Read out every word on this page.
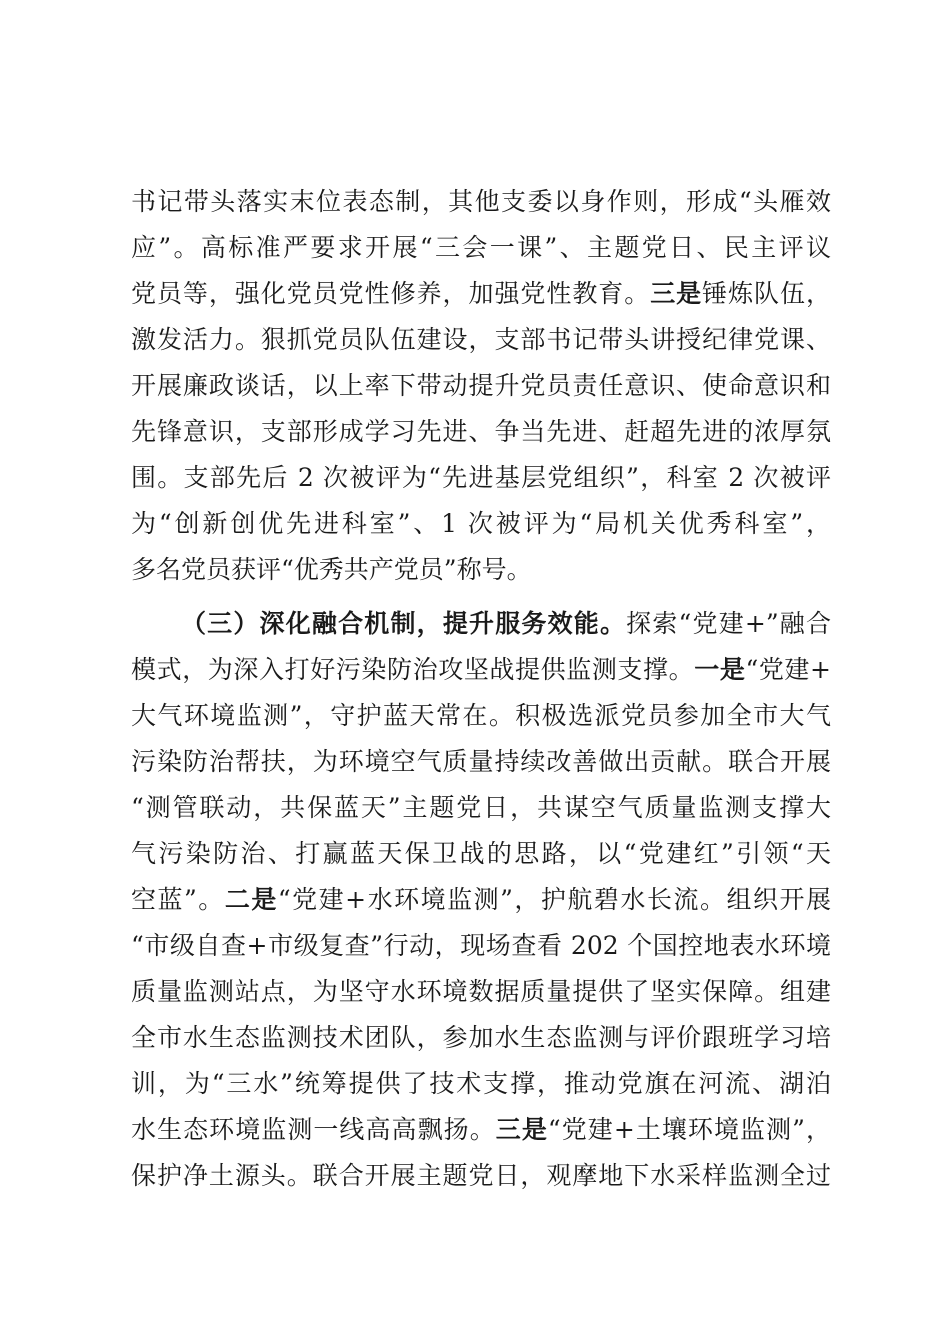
书记带头落实末位表态制，其他支委以身作则，形成“头雁效
应”。高标准严要求开展“三会一课”、主题党日、民主评议
党员等，强化党员党性修养，加强党性教育。三是锤炼队伍，
激发活力。狠抓党员队伍建设，支部书记带头讲授纪律党课、
开展廉政谈话，以上率下带动提升党员责任意识、使命意识和
先锋意识，支部形成学习先进、争当先进、赶超先进的浓厚氛
围。支部先后 2 次被评为“先进基层党组织”，科室 2 次被评
为“创新创优先进科室”、1 次被评为“局机关优秀科室”，
多名党员获评“优秀共产党员”称号。
（三）深化融合机制，提升服务效能。探索“党建+”融合
模式，为深入打好污染防治攻坚战提供监测支撑。一是“党建+
大气环境监测”，守护蓝天常在。积极选派党员参加全市大气
污染防治帮扶，为环境空气质量持续改善做出贡献。联合开展
“测管联动，共保蓝天”主题党日，共谋空气质量监测支撑大
气污染防治、打赢蓝天保卫战的思路，以“党建红”引领“天
空蓝”。二是“党建+水环境监测”，护航碧水长流。组织开展
“市级自查+市级复查”行动，现场查看 202 个国控地表水环境
质量监测站点，为坚守水环境数据质量提供了坚实保障。组建
全市水生态监测技术团队，参加水生态监测与评价跟班学习培
训，为“三水”统筹提供了技术支撑，推动党旗在河流、湖泊
水生态环境监测一线高高飘扬。三是“党建+土壤环境监测”，
保护净土源头。联合开展主题党日，观摩地下水采样监测全过
